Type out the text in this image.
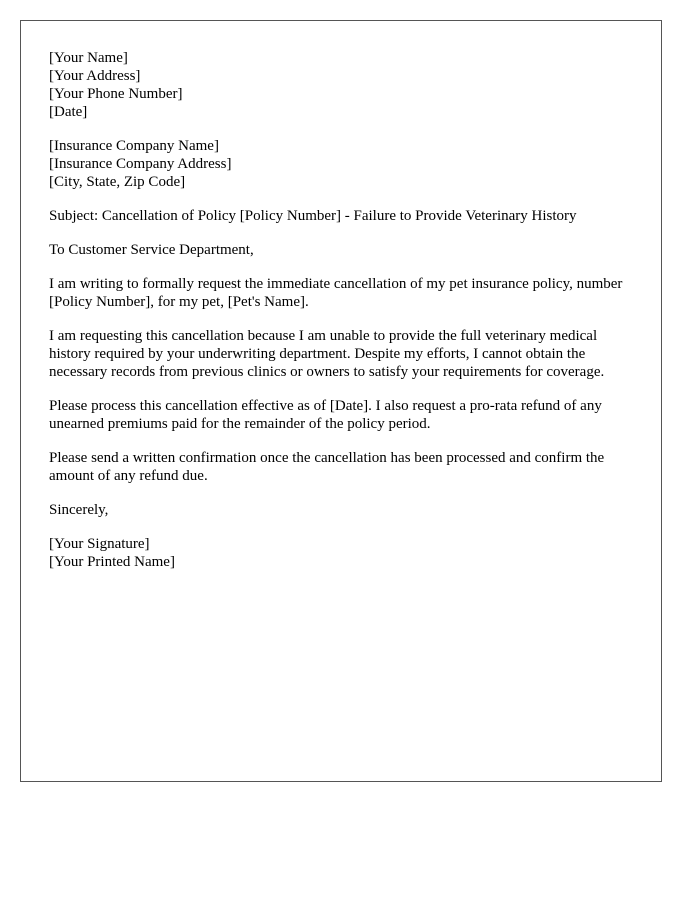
[Your Name]
[Your Address]
[Your Phone Number]
[Date]
[Insurance Company Name]
[Insurance Company Address]
[City, State, Zip Code]

Subject: Cancellation of Policy [Policy Number] - Failure to Provide Veterinary History

To Customer Service Department,

I am writing to formally request the immediate cancellation of my pet insurance policy, number [Policy Number], for my pet, [Pet's Name].

I am requesting this cancellation because I am unable to provide the full veterinary medical history required by your underwriting department. Despite my efforts, I cannot obtain the necessary records from previous clinics or owners to satisfy your requirements for coverage.

Please process this cancellation effective as of [Date]. I also request a pro-rata refund of any unearned premiums paid for the remainder of the policy period.

Please send a written confirmation once the cancellation has been processed and confirm the amount of any refund due.

Sincerely,

[Your Signature]
[Your Printed Name]
